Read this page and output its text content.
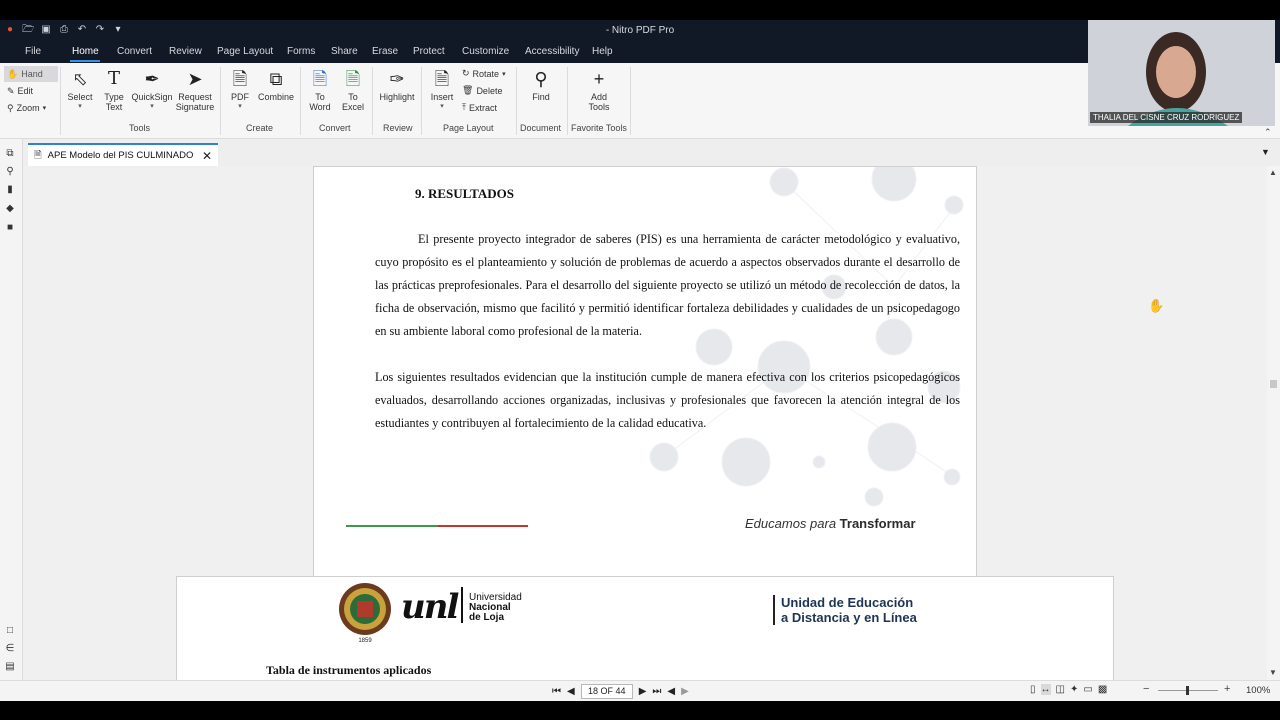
● 🗁 ▣ ⎙ ↶ ↷	▾	- Nitro PDF Pro
File	Home Convert Review Page Layout Forms Share Erase Protect Customize Accessibility Help
✋ Hand
✎ Edit
⚲ Zoom ▾
⬁
Select
▾
T
Type
Text
✒
QuickSign
▾
➤
Request
Signature
Tools
🗎
PDF
▾
⧉
Combine
Create
🗎
To
Word
🗎
To
Excel
Convert
✑
Highlight
Review
🗎
Insert
▾
↻ Rotate ▾
🗑 Delete
⤒ Extract
Page Layout
⚲
Find
Document
+
Add
Tools
Favorite Tools	⌃
🗎 APE Modelo del PIS CULMINADO ✕	▼
⧉
⚲
▮
◆
■
□
∈
▤
9. RESULTADOS
El presente proyecto integrador de saberes (PIS) es una herramienta de carácter metodológico y evaluativo, cuyo propósito es el planteamiento y solución de problemas de acuerdo a aspectos observados durante el desarrollo de las prácticas preprofesionales. Para el desarrollo del siguiente proyecto se utilizó un método de recolección de datos, la ficha de observación, mismo que facilitó y permitió identificar fortaleza debilidades y cualidades de un psicopedagogo en su ambiente laboral como profesional de la materia.
Los siguientes resultados evidencian que la institución cumple de manera efectiva con los criterios psicopedagógicos evaluados, desarrollando acciones organizadas, inclusivas y profesionales que favorecen la atención integral de los estudiantes y contribuyen al fortalecimiento de la calidad educativa.
Educamos para Transformar
1859
unl Universidad
Nacional
de Loja
Unidad de Educación
a Distancia y en Línea
Tabla de instrumentos aplicados
✋
▲
▼
⏮ ◀	18 OF 44	▶ ⏭ ◀ ▶	▯ ↔ ◫ ✦ ▭ ▩	−	+ 100%
THALIA DEL CISNE CRUZ RODRIGUEZ
